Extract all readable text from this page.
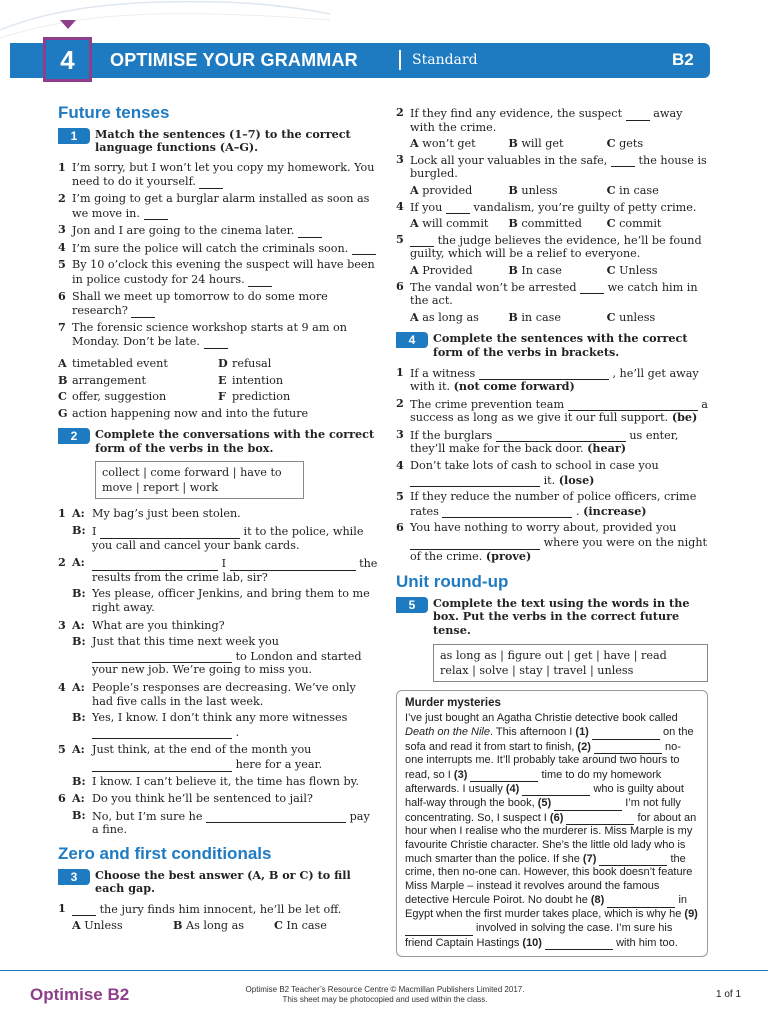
4	OPTIMISE YOUR GRAMMAR	Standard	B2
Future tenses
1	Match the sentences (1–7) to the correct language functions (A–G).
1 I’m sorry, but I won’t let you copy my homework. You need to do it yourself.
2 I’m going to get a burglar alarm installed as soon as we move in.
3 Jon and I are going to the cinema later.
4 I’m sure the police will catch the criminals soon.
5 By 10 o’clock this evening the suspect will have been in police custody for 24 hours.
6 Shall we meet up tomorrow to do some more research?
7 The forensic science workshop starts at 9 am on Monday. Don’t be late.
A timetabled event	D refusal
B arrangement	E intention
C offer, suggestion	F prediction
G action happening now and into the future
2	Complete the conversations with the correct form of the verbs in the box.
collect | come forward | have to
move | report | work
1 A: My bag’s just been stolen.
B: I	it to the police, while you call and cancel your bank cards.
2 A:	I	the results from the crime lab, sir?
B: Yes please, officer Jenkins, and bring them to me right away.
3 A: What are you thinking?
B: Just that this time next week you   to London and started your new job. We’re going to miss you.
4 A: People’s responses are decreasing. We’ve only had five calls in the last week.
B: Yes, I know. I don’t think any more witnesses   .
5 A: Just think, at the end of the month you   here for a year.
B: I know. I can’t believe it, the time has flown by.
6 A: Do you think he’ll be sentenced to jail?
B: No, but I’m sure he	pay a fine.
Zero and first conditionals
3	Choose the best answer (A, B or C) to fill each gap.
1	the jury finds him innocent, he’ll be let off.
A Unless	B As long as	C In case
2 If they find any evidence, the suspect	away with the crime.
A won’t get	B will get	C gets
3 Lock all your valuables in the safe,	the house is burgled.
A provided	B unless	C in case
4 If you	vandalism, you’re guilty of petty crime.
A will commit	B committed	C commit
5	the judge believes the evidence, he’ll be found guilty, which will be a relief to everyone.
A Provided	B In case	C Unless
6 The vandal won’t be arrested	we catch him in the act.
A as long as	B in case	C unless
4	Complete the sentences with the correct form of the verbs in brackets.
1 If a witness	, he’ll get away with it. (not come forward)
2 The crime prevention team	a success as long as we give it our full support. (be)
3 If the burglars	us enter, they’ll make for the back door. (hear)
4 Don’t take lots of cash to school in case you   it. (lose)
5 If they reduce the number of police officers, crime rates	. (increase)
6 You have nothing to worry about, provided you   where you were on the night of the crime. (prove)
Unit round-up
5	Complete the text using the words in the box. Put the verbs in the correct future tense.
as long as | figure out | get | have | read
relax | solve | stay | travel | unless
Murder mysteries
I’ve just bought an Agatha Christie detective book called Death on the Nile. This afternoon I (1)	on the sofa and read it from start to finish, (2)	no-one interrupts me. It’ll probably take around two hours to read, so I (3)	time to do my homework afterwards. I usually (4)	who is guilty about half-way through the book, (5)	I’m not fully concentrating. So, I suspect I (6)	for about an hour when I realise who the murderer is. Miss Marple is my favourite Christie character. She’s the little old lady who is much smarter than the police. If she (7)	the crime, then no-one can. However, this book doesn’t feature Miss Marple – instead it revolves around the famous detective Hercule Poirot. No doubt he (8)	in Egypt when the first murder takes place, which is why he (9)   involved in solving the case. I’m sure his friend Captain Hastings (10)	with him too.
Optimise B2	Optimise B2 Teacher’s Resource Centre © Macmillan Publishers Limited 2017.
This sheet may be photocopied and used within the class.	1 of 1
